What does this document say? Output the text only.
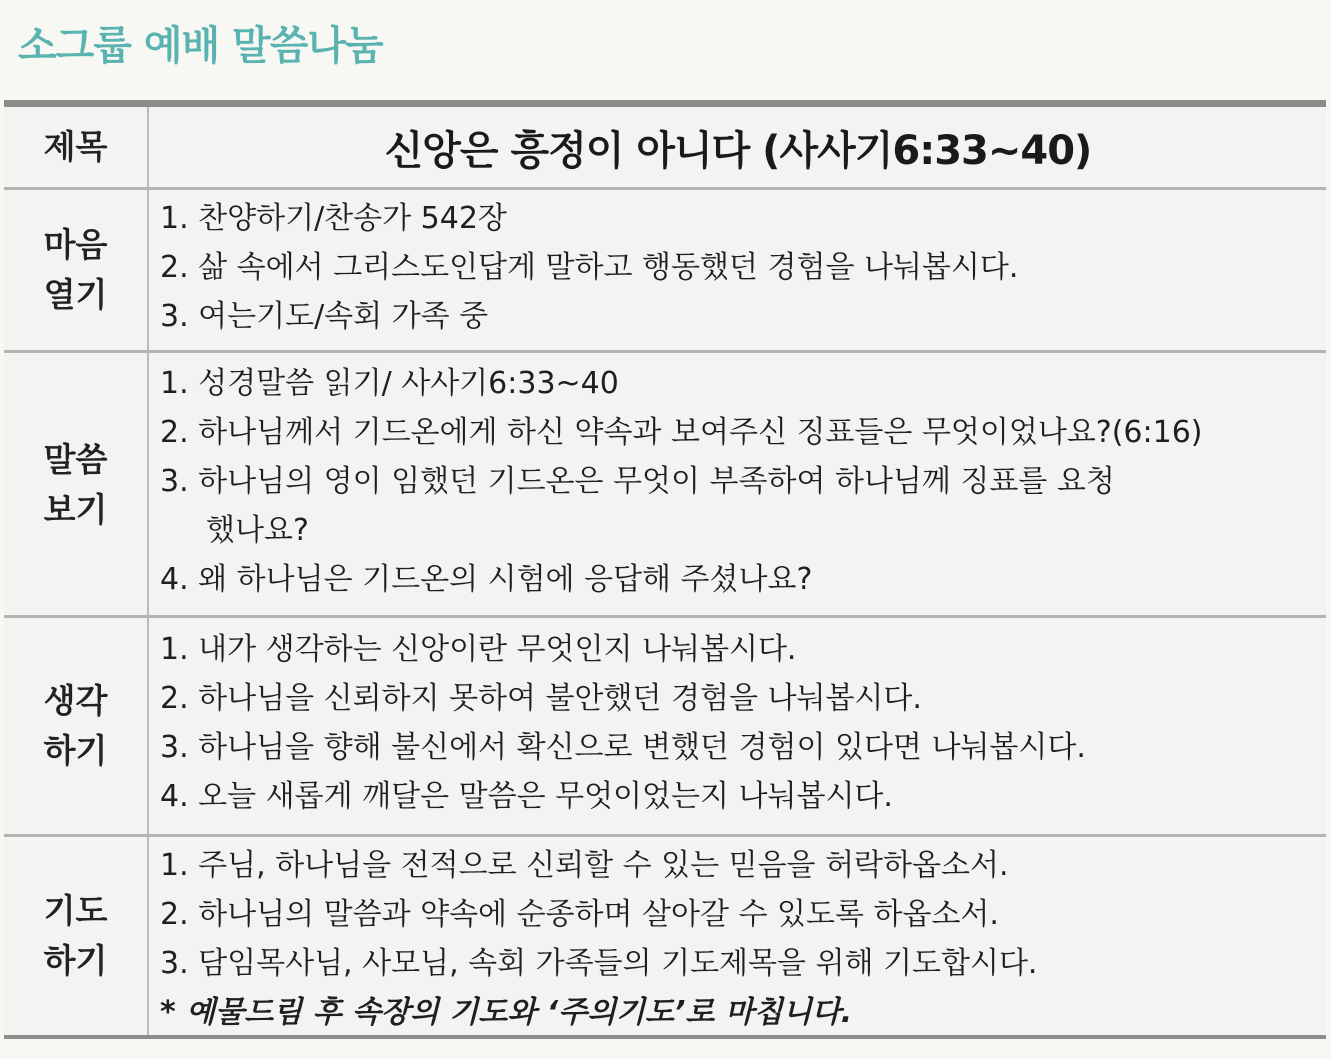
소그룹 예배 말씀나눔
제목	신앙은 흥정이 아니다 (사사기6:33~40)
마음
열기
1. 찬양하기/찬송가 542장
2. 삶 속에서 그리스도인답게 말하고 행동했던 경험을 나눠봅시다.
3. 여는기도/속회 가족 중
말씀
보기
1. 성경말씀 읽기/ 사사기6:33~40
2. 하나님께서 기드온에게 하신 약속과 보여주신 징표들은 무엇이었나요?(6:16)
3. 하나님의 영이 임했던 기드온은 무엇이 부족하여 하나님께 징표를 요청
했나요?
4. 왜 하나님은 기드온의 시험에 응답해 주셨나요?
생각
하기
1. 내가 생각하는 신앙이란 무엇인지 나눠봅시다.
2. 하나님을 신뢰하지 못하여 불안했던 경험을 나눠봅시다.
3. 하나님을 향해 불신에서 확신으로 변했던 경험이 있다면 나눠봅시다.
4. 오늘 새롭게 깨달은 말씀은 무엇이었는지 나눠봅시다.
기도
하기
1. 주님, 하나님을 전적으로 신뢰할 수 있는 믿음을 허락하옵소서.
2. 하나님의 말씀과 약속에 순종하며 살아갈 수 있도록 하옵소서.
3. 담임목사님, 사모님, 속회 가족들의 기도제목을 위해 기도합시다.
* 예물드림 후 속장의 기도와 ‘주의기도’로 마칩니다.
